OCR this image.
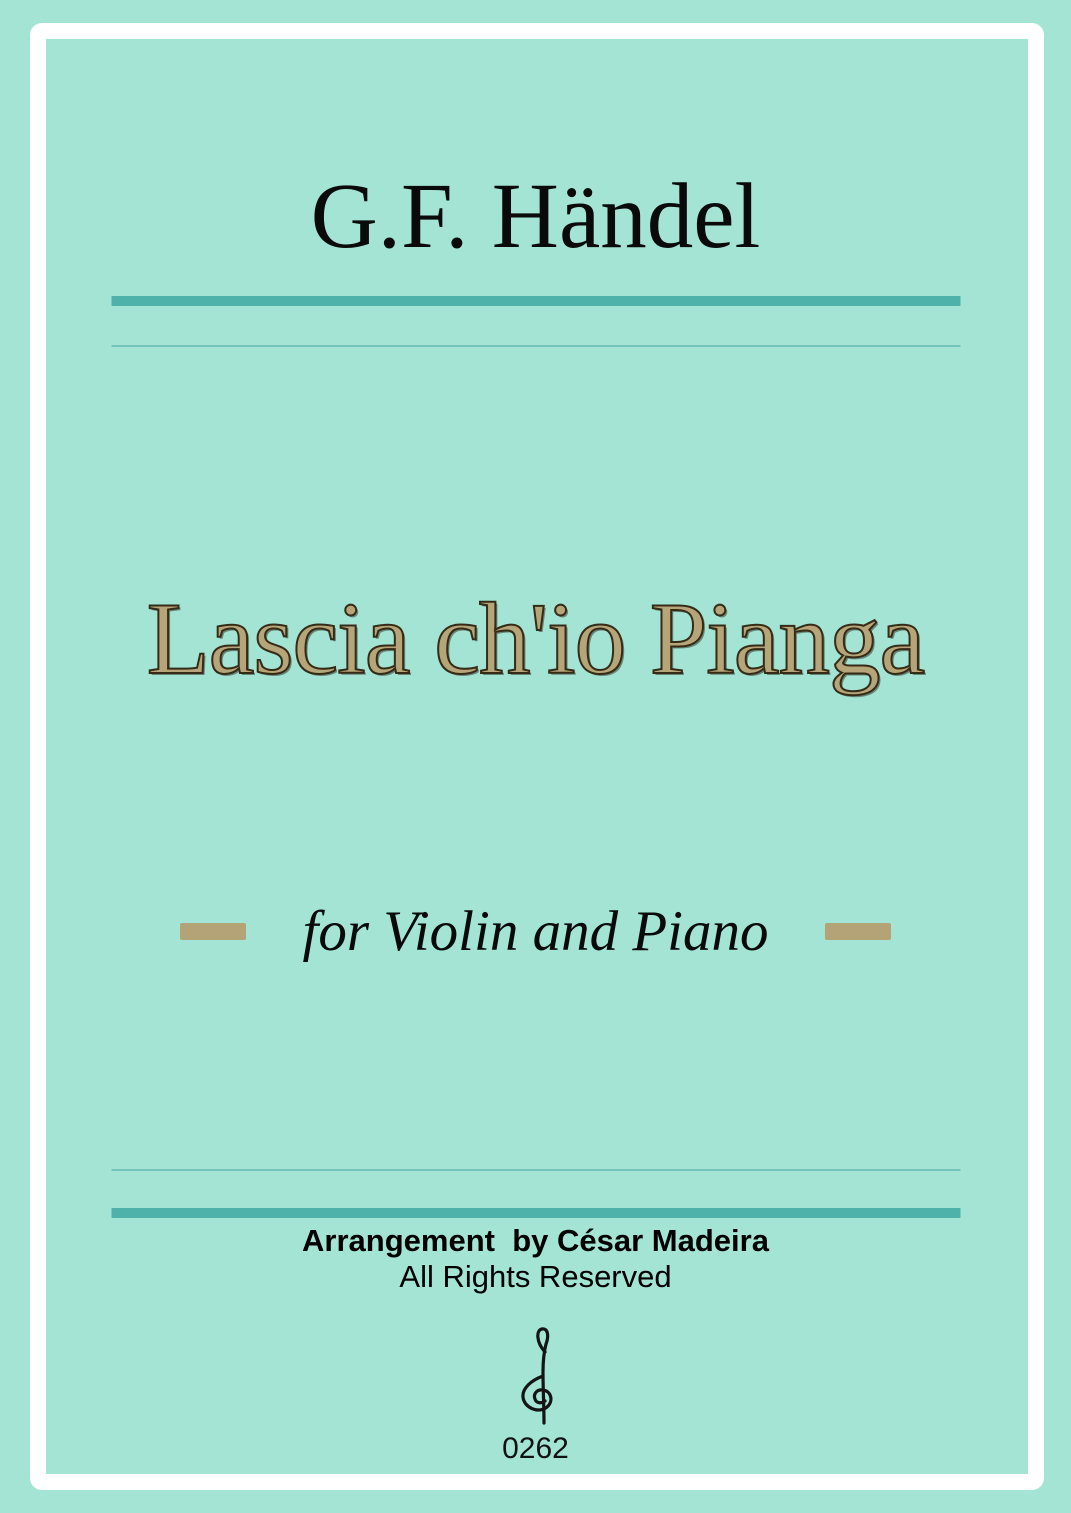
G.F. Händel
Lascia ch'io Pianga
for Violin and Piano
Arrangement  by César Madeira
All Rights Reserved
0262
